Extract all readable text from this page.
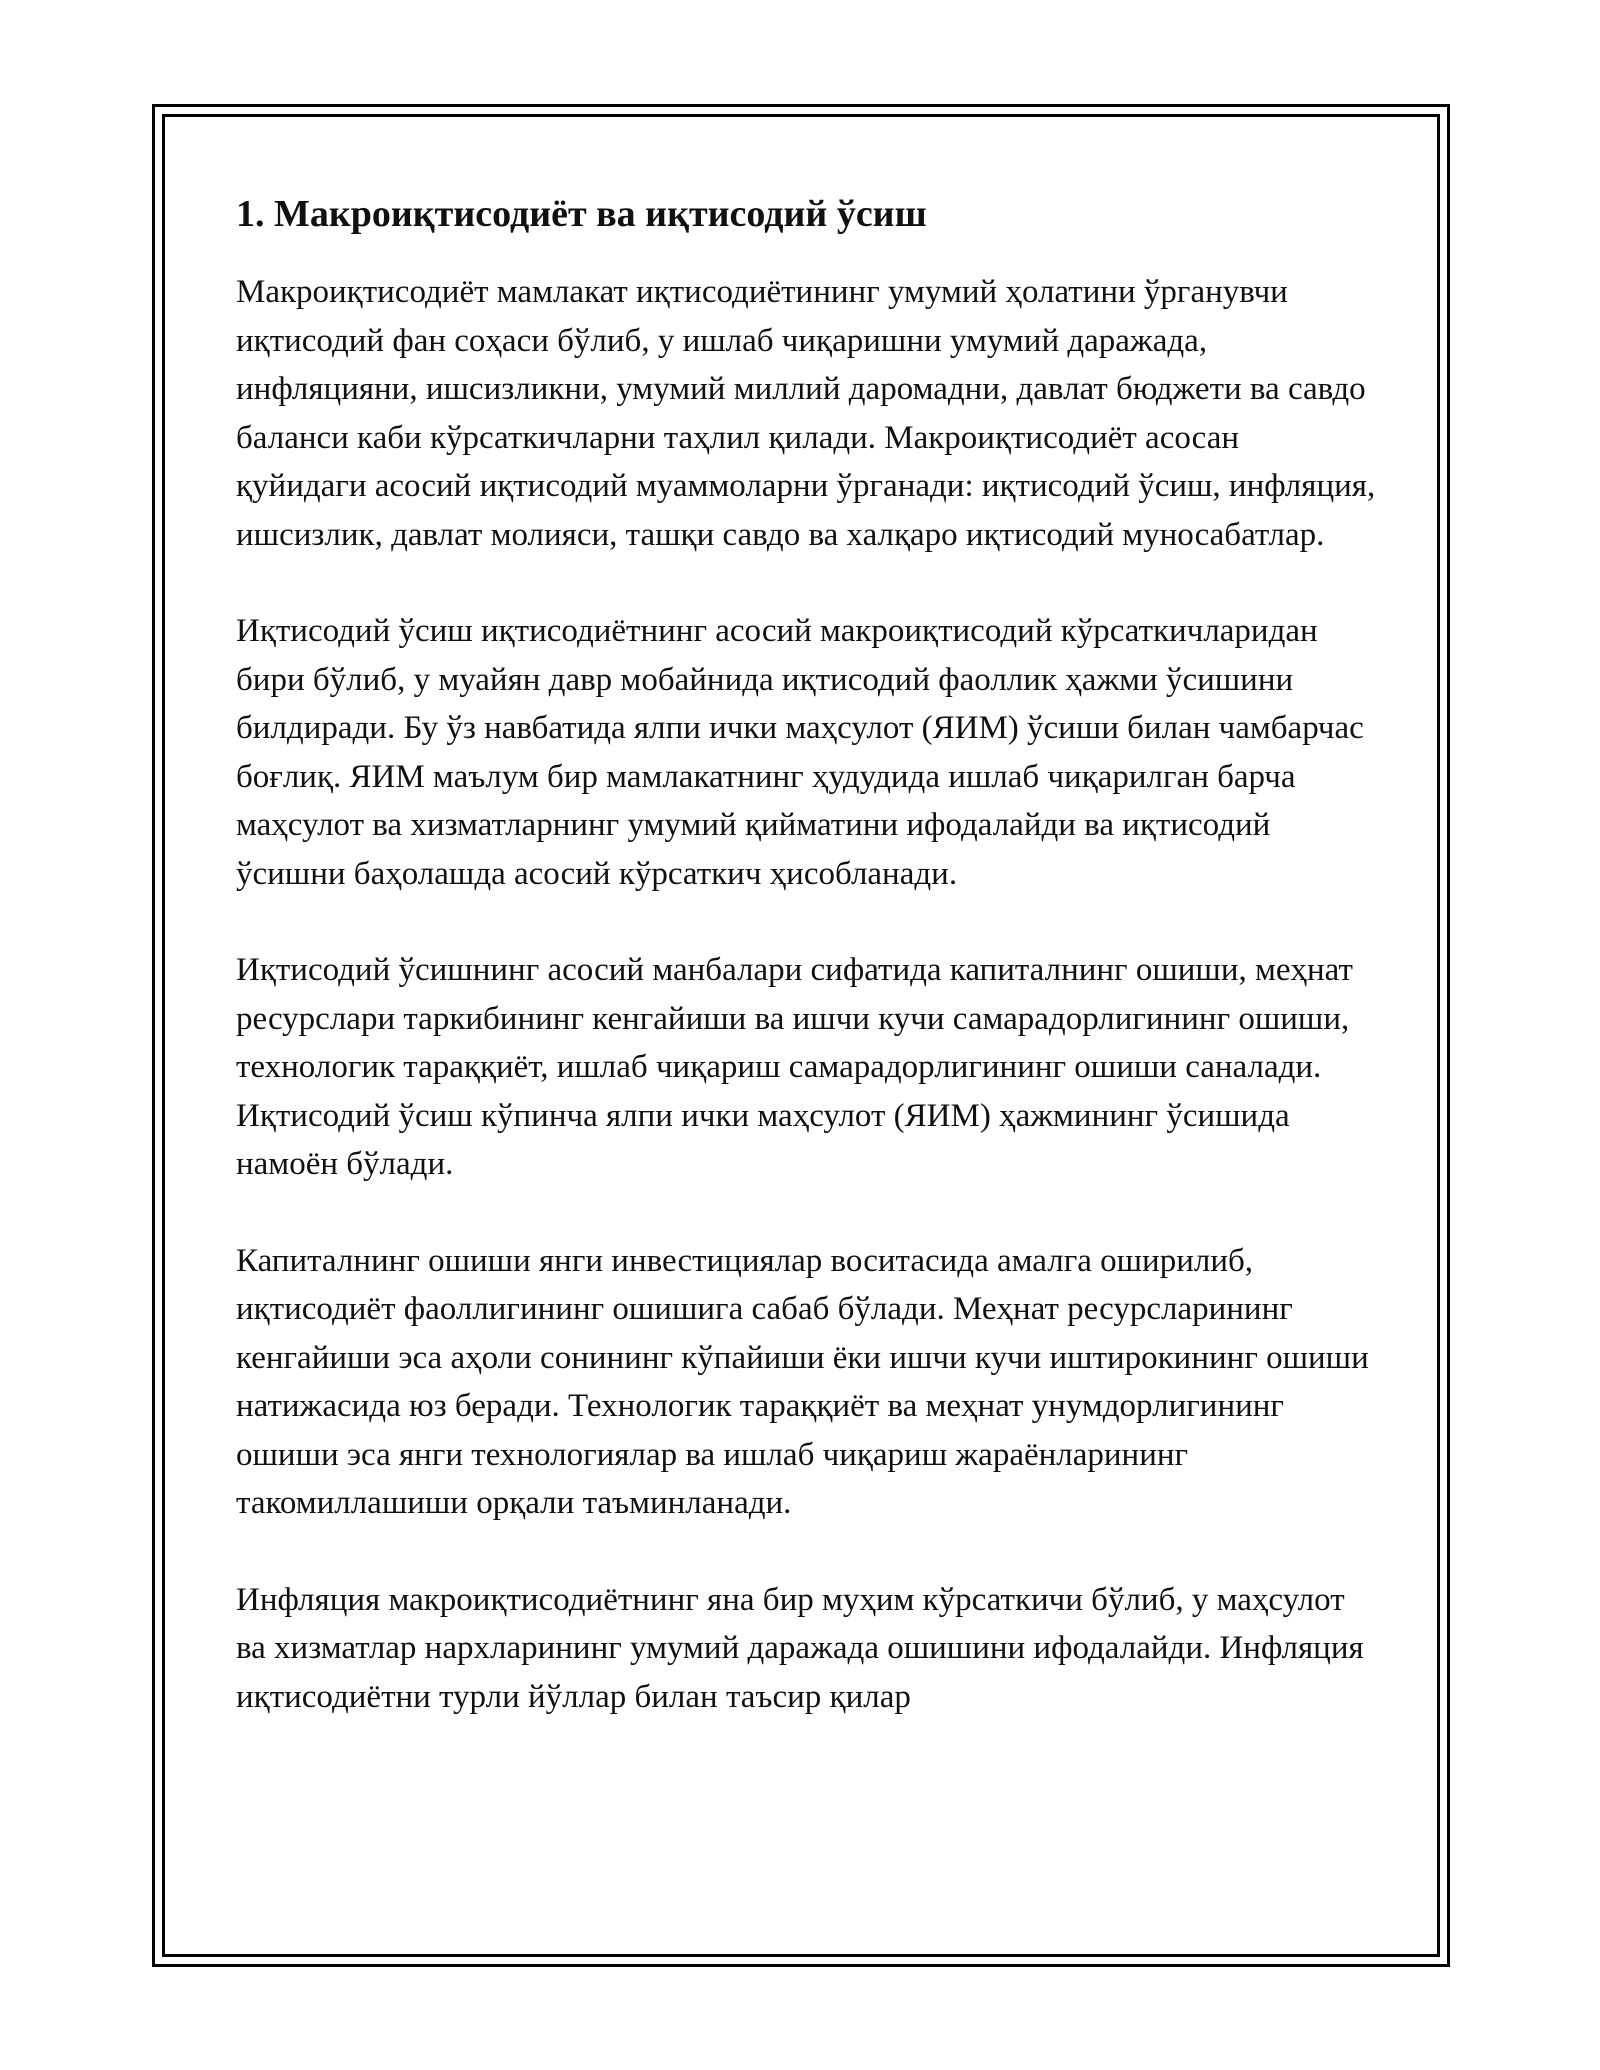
1. Макроиқтисодиёт ва иқтисодий ўсиш

Макроиқтисодиёт мамлакат иқтисодиётининг умумий ҳолатини ўрганувчи иқтисодий фан соҳаси бўлиб, у ишлаб чиқаришни умумий даражада, инфляцияни, ишсизликни, умумий миллий даромадни, давлат бюджети ва савдо баланси каби кўрсаткичларни таҳлил қилади. Макроиқтисодиёт асосан қуйидаги асосий иқтисодий муаммоларни ўрганади: иқтисодий ўсиш, инфляция, ишсизлик, давлат молияси, ташқи савдо ва халқаро иқтисодий муносабатлар.

Иқтисодий ўсиш иқтисодиётнинг асосий макроиқтисодий кўрсаткичларидан бири бўлиб, у муайян давр мобайнида иқтисодий фаоллик ҳажми ўсишини билдиради. Бу ўз навбатида ялпи ички маҳсулот (ЯИМ) ўсиши билан чамбарчас боғлиқ. ЯИМ маълум бир мамлакатнинг ҳудудида ишлаб чиқарилган барча маҳсулот ва хизматларнинг умумий қийматини ифодалайди ва иқтисодий ўсишни баҳолашда асосий кўрсаткич ҳисобланади.

Иқтисодий ўсишнинг асосий манбалари сифатида капиталнинг ошиши, меҳнат ресурслари таркибининг кенгайиши ва ишчи кучи самарадорлигининг ошиши, технологик тараққиёт, ишлаб чиқариш самарадорлигининг ошиши саналади. Иқтисодий ўсиш кўпинча ялпи ички маҳсулот (ЯИМ) ҳажмининг ўсишида намоён бўлади.

Капиталнинг ошиши янги инвестициялар воситасида амалга оширилиб, иқтисодиёт фаоллигининг ошишига сабаб бўлади. Меҳнат ресурсларининг кенгайиши эса аҳоли сонининг кўпайиши ёки ишчи кучи иштирокининг ошиши натижасида юз беради. Технологик тараққиёт ва меҳнат унумдорлигининг ошиши эса янги технологиялар ва ишлаб чиқариш жараёнларининг такомиллашиши орқали таъминланади.

Инфляция макроиқтисодиётнинг яна бир муҳим кўрсаткичи бўлиб, у маҳсулот ва хизматлар нархларининг умумий даражада ошишини ифодалайди. Инфляция иқтисодиётни турли йўллар билан таъсир қилар
